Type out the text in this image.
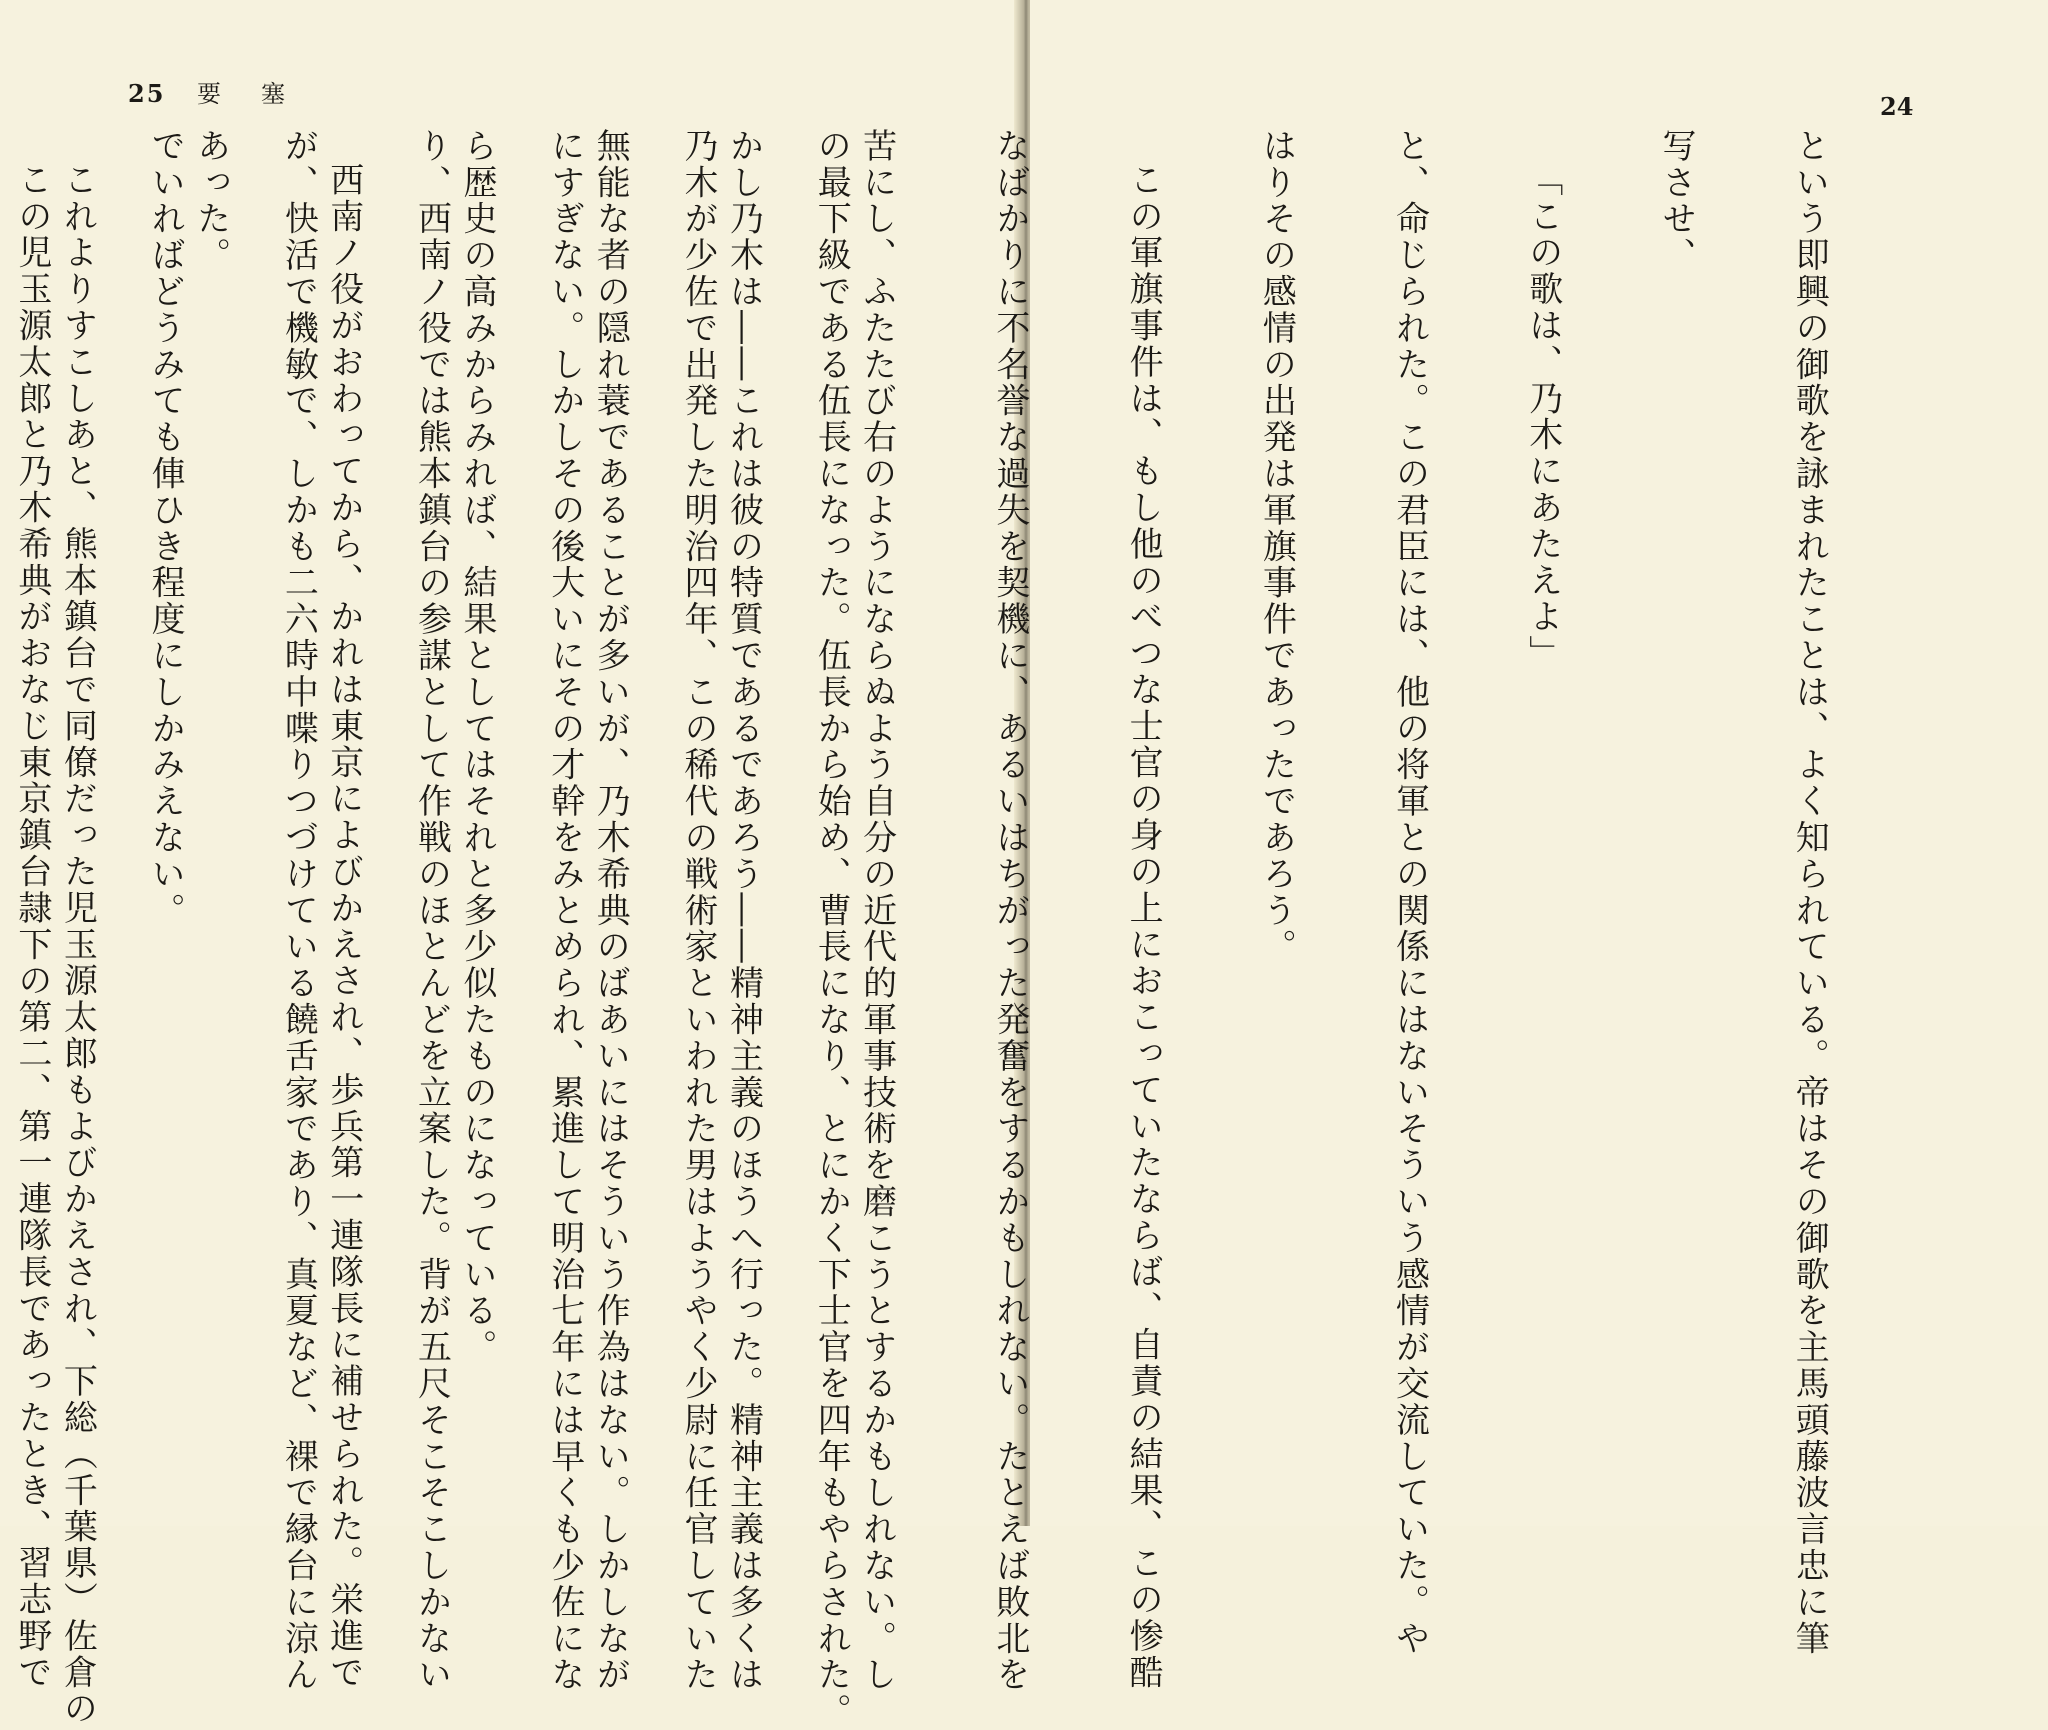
25 要塞

の最下級である伍長になった。伍長から始め、曹長になり、とにかく下士官を四年もやらされた。

乃木が少佐で出発した明治四年、この稀代の戦術家といわれた男はようやく少尉に任官していた

にすぎない。しかしその後大いにその才幹をみとめられ、累進して明治七年には早くも少佐にな

り、西南ノ役では熊本鎮台の参謀として作戦のほとんどを立案した。背が五尺そこそこしかない

が、快活で機敏で、しかも二六時中喋りつづけている饒舌家であり、真夏など、裸で縁台に涼ん

でいればどうみても俥ひき程度にしかみえない。

この児玉源太郎と乃木希典がおなじ東京鎮台隷下の第二、第一連隊長であったとき、習志野で

24

という即興の御歌を詠まれたことは、よく知られている。帝はその御歌を主馬頭藤波言忠に筆

写させ、

「この歌は、乃木にあたえよ」

と、命じられた。この君臣には、他の将軍との関係にはないそういう感情が交流していた。や

はりその感情の出発は軍旗事件であったであろう。

この軍旗事件は、もし他のべつな士官の身の上におこっていたならば、自責の結果、この惨酷

なばかりに不名誉な過失を契機に、あるいはちがった発奮をするかもしれない。たとえば敗北を

苦にし、ふたたび右のようにならぬよう自分の近代的軍事技術を磨こうとするかもしれない。し

かし乃木は――これは彼の特質であるであろう――精神主義のほうへ行った。精神主義は多くは

無能な者の隠れ蓑であることが多いが、乃木希典のばあいにはそういう作為はない。しかしなが

ら歴史の高みからみれば、結果としてはそれと多少似たものになっている。

西南ノ役がおわってから、かれは東京によびかえされ、歩兵第一連隊長に補せられた。栄進で

あった。

これよりすこしあと、熊本鎮台で同僚だった児玉源太郎もよびかえされ、下総（千葉県）佐倉の
